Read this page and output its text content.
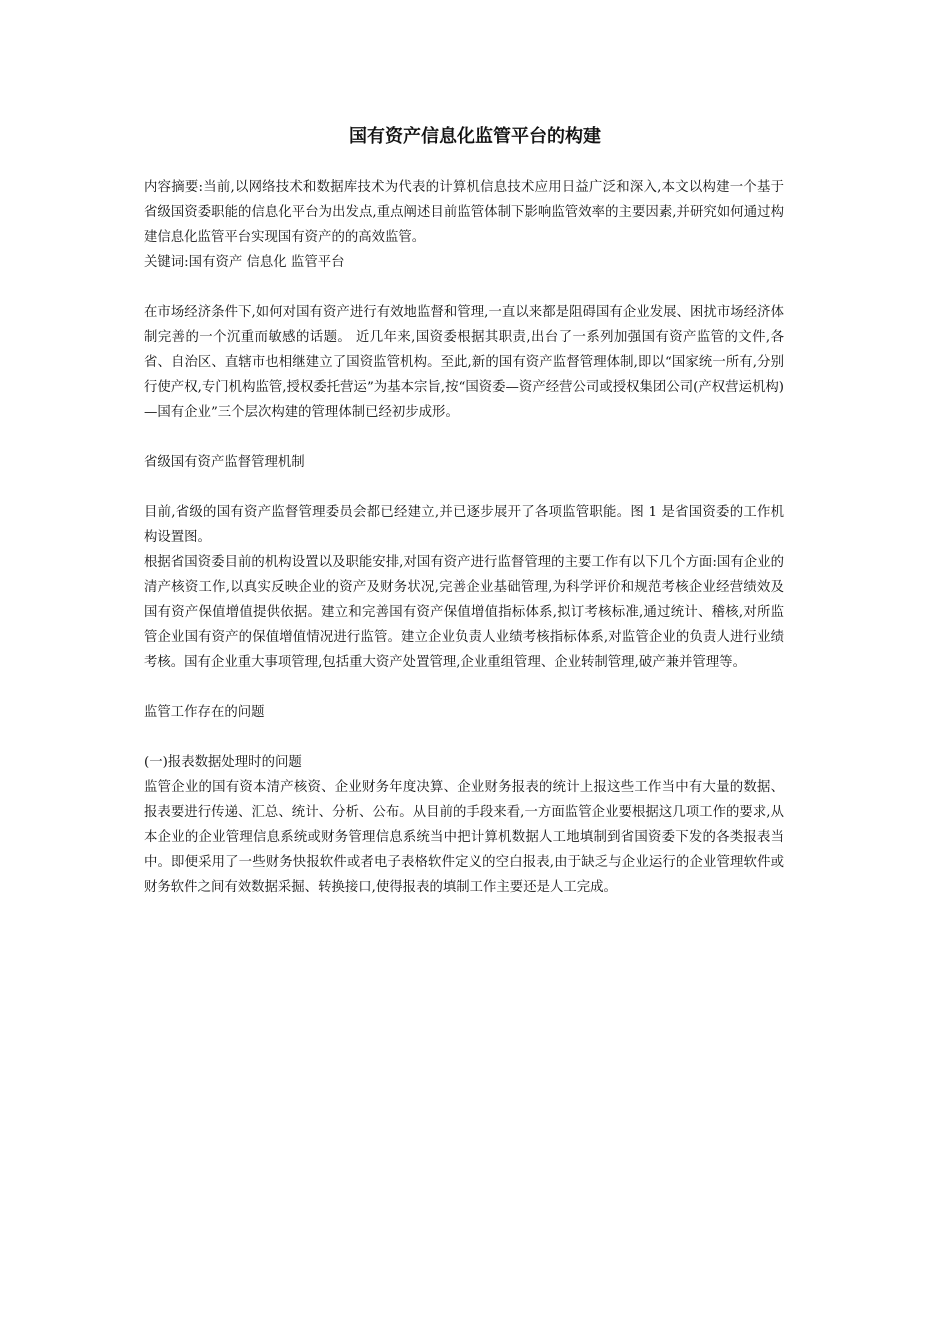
国有资产信息化监管平台的构建

内容摘要:当前,以网络技术和数据库技术为代表的计算机信息技术应用日益广泛和深入,本文以构建一个基于省级国资委职能的信息化平台为出发点,重点阐述目前监管体制下影响监管效率的主要因素,并研究如何通过构建信息化监管平台实现国有资产的的高效监管。

关键词:国有资产 信息化 监管平台

在市场经济条件下,如何对国有资产进行有效地监督和管理,一直以来都是阻碍国有企业发展、困扰市场经济体制完善的一个沉重而敏感的话题。 近几年来,国资委根据其职责,出台了一系列加强国有资产监管的文件,各省、自治区、直辖市也相继建立了国资监管机构。至此,新的国有资产监督管理体制,即以“国家统一所有,分别行使产权,专门机构监管,授权委托营运”为基本宗旨,按“国资委—资产经营公司或授权集团公司(产权营运机构)—国有企业”三个层次构建的管理体制已经初步成形。

省级国有资产监督管理机制

目前,省级的国有资产监督管理委员会都已经建立,并已逐步展开了各项监管职能。图 1 是省国资委的工作机构设置图。

根据省国资委目前的机构设置以及职能安排,对国有资产进行监督管理的主要工作有以下几个方面:国有企业的清产核资工作,以真实反映企业的资产及财务状况,完善企业基础管理,为科学评价和规范考核企业经营绩效及国有资产保值增值提供依据。建立和完善国有资产保值增值指标体系,拟订考核标准,通过统计、稽核,对所监管企业国有资产的保值增值情况进行监管。建立企业负责人业绩考核指标体系,对监管企业的负责人进行业绩考核。国有企业重大事项管理,包括重大资产处置管理,企业重组管理、企业转制管理,破产兼并管理等。

监管工作存在的问题

(一)报表数据处理时的问题

监管企业的国有资本清产核资、企业财务年度决算、企业财务报表的统计上报这些工作当中有大量的数据、报表要进行传递、汇总、统计、分析、公布。从目前的手段来看,一方面监管企业要根据这几项工作的要求,从本企业的企业管理信息系统或财务管理信息系统当中把计算机数据人工地填制到省国资委下发的各类报表当中。即便采用了一些财务快报软件或者电子表格软件定义的空白报表,由于缺乏与企业运行的企业管理软件或财务软件之间有效数据采掘、转换接口,使得报表的填制工作主要还是人工完成。
